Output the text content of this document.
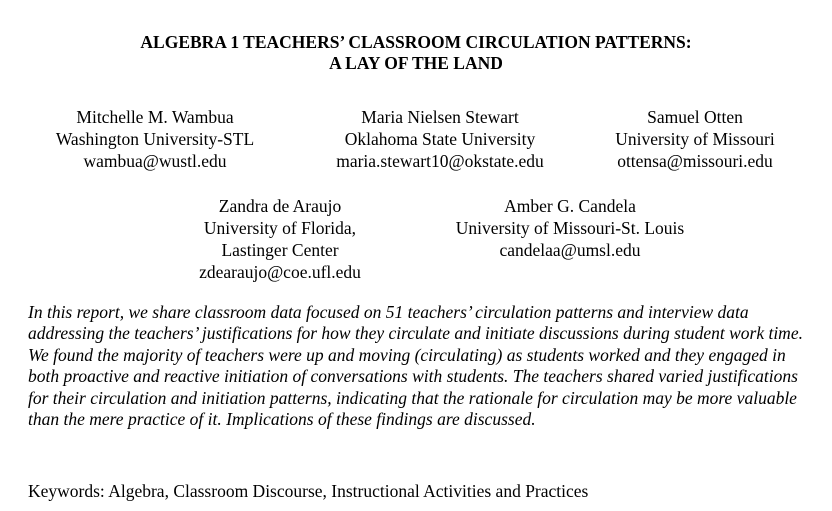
ALGEBRA 1 TEACHERS’ CLASSROOM CIRCULATION PATTERNS:
A LAY OF THE LAND
Mitchelle M. Wambua
Washington University-STL
wambua@wustl.edu
Maria Nielsen Stewart
Oklahoma State University
maria.stewart10@okstate.edu
Samuel Otten
University of Missouri
ottensa@missouri.edu
Zandra de Araujo
University of Florida,
Lastinger Center
zdearaujo@coe.ufl.edu
Amber G. Candela
University of Missouri-St. Louis
candelaa@umsl.edu
In this report, we share classroom data focused on 51 teachers’ circulation patterns and interview data addressing the teachers’ justifications for how they circulate and initiate discussions during student work time. We found the majority of teachers were up and moving (circulating) as students worked and they engaged in both proactive and reactive initiation of conversations with students. The teachers shared varied justifications for their circulation and initiation patterns, indicating that the rationale for circulation may be more valuable than the mere practice of it. Implications of these findings are discussed.
Keywords: Algebra, Classroom Discourse, Instructional Activities and Practices
